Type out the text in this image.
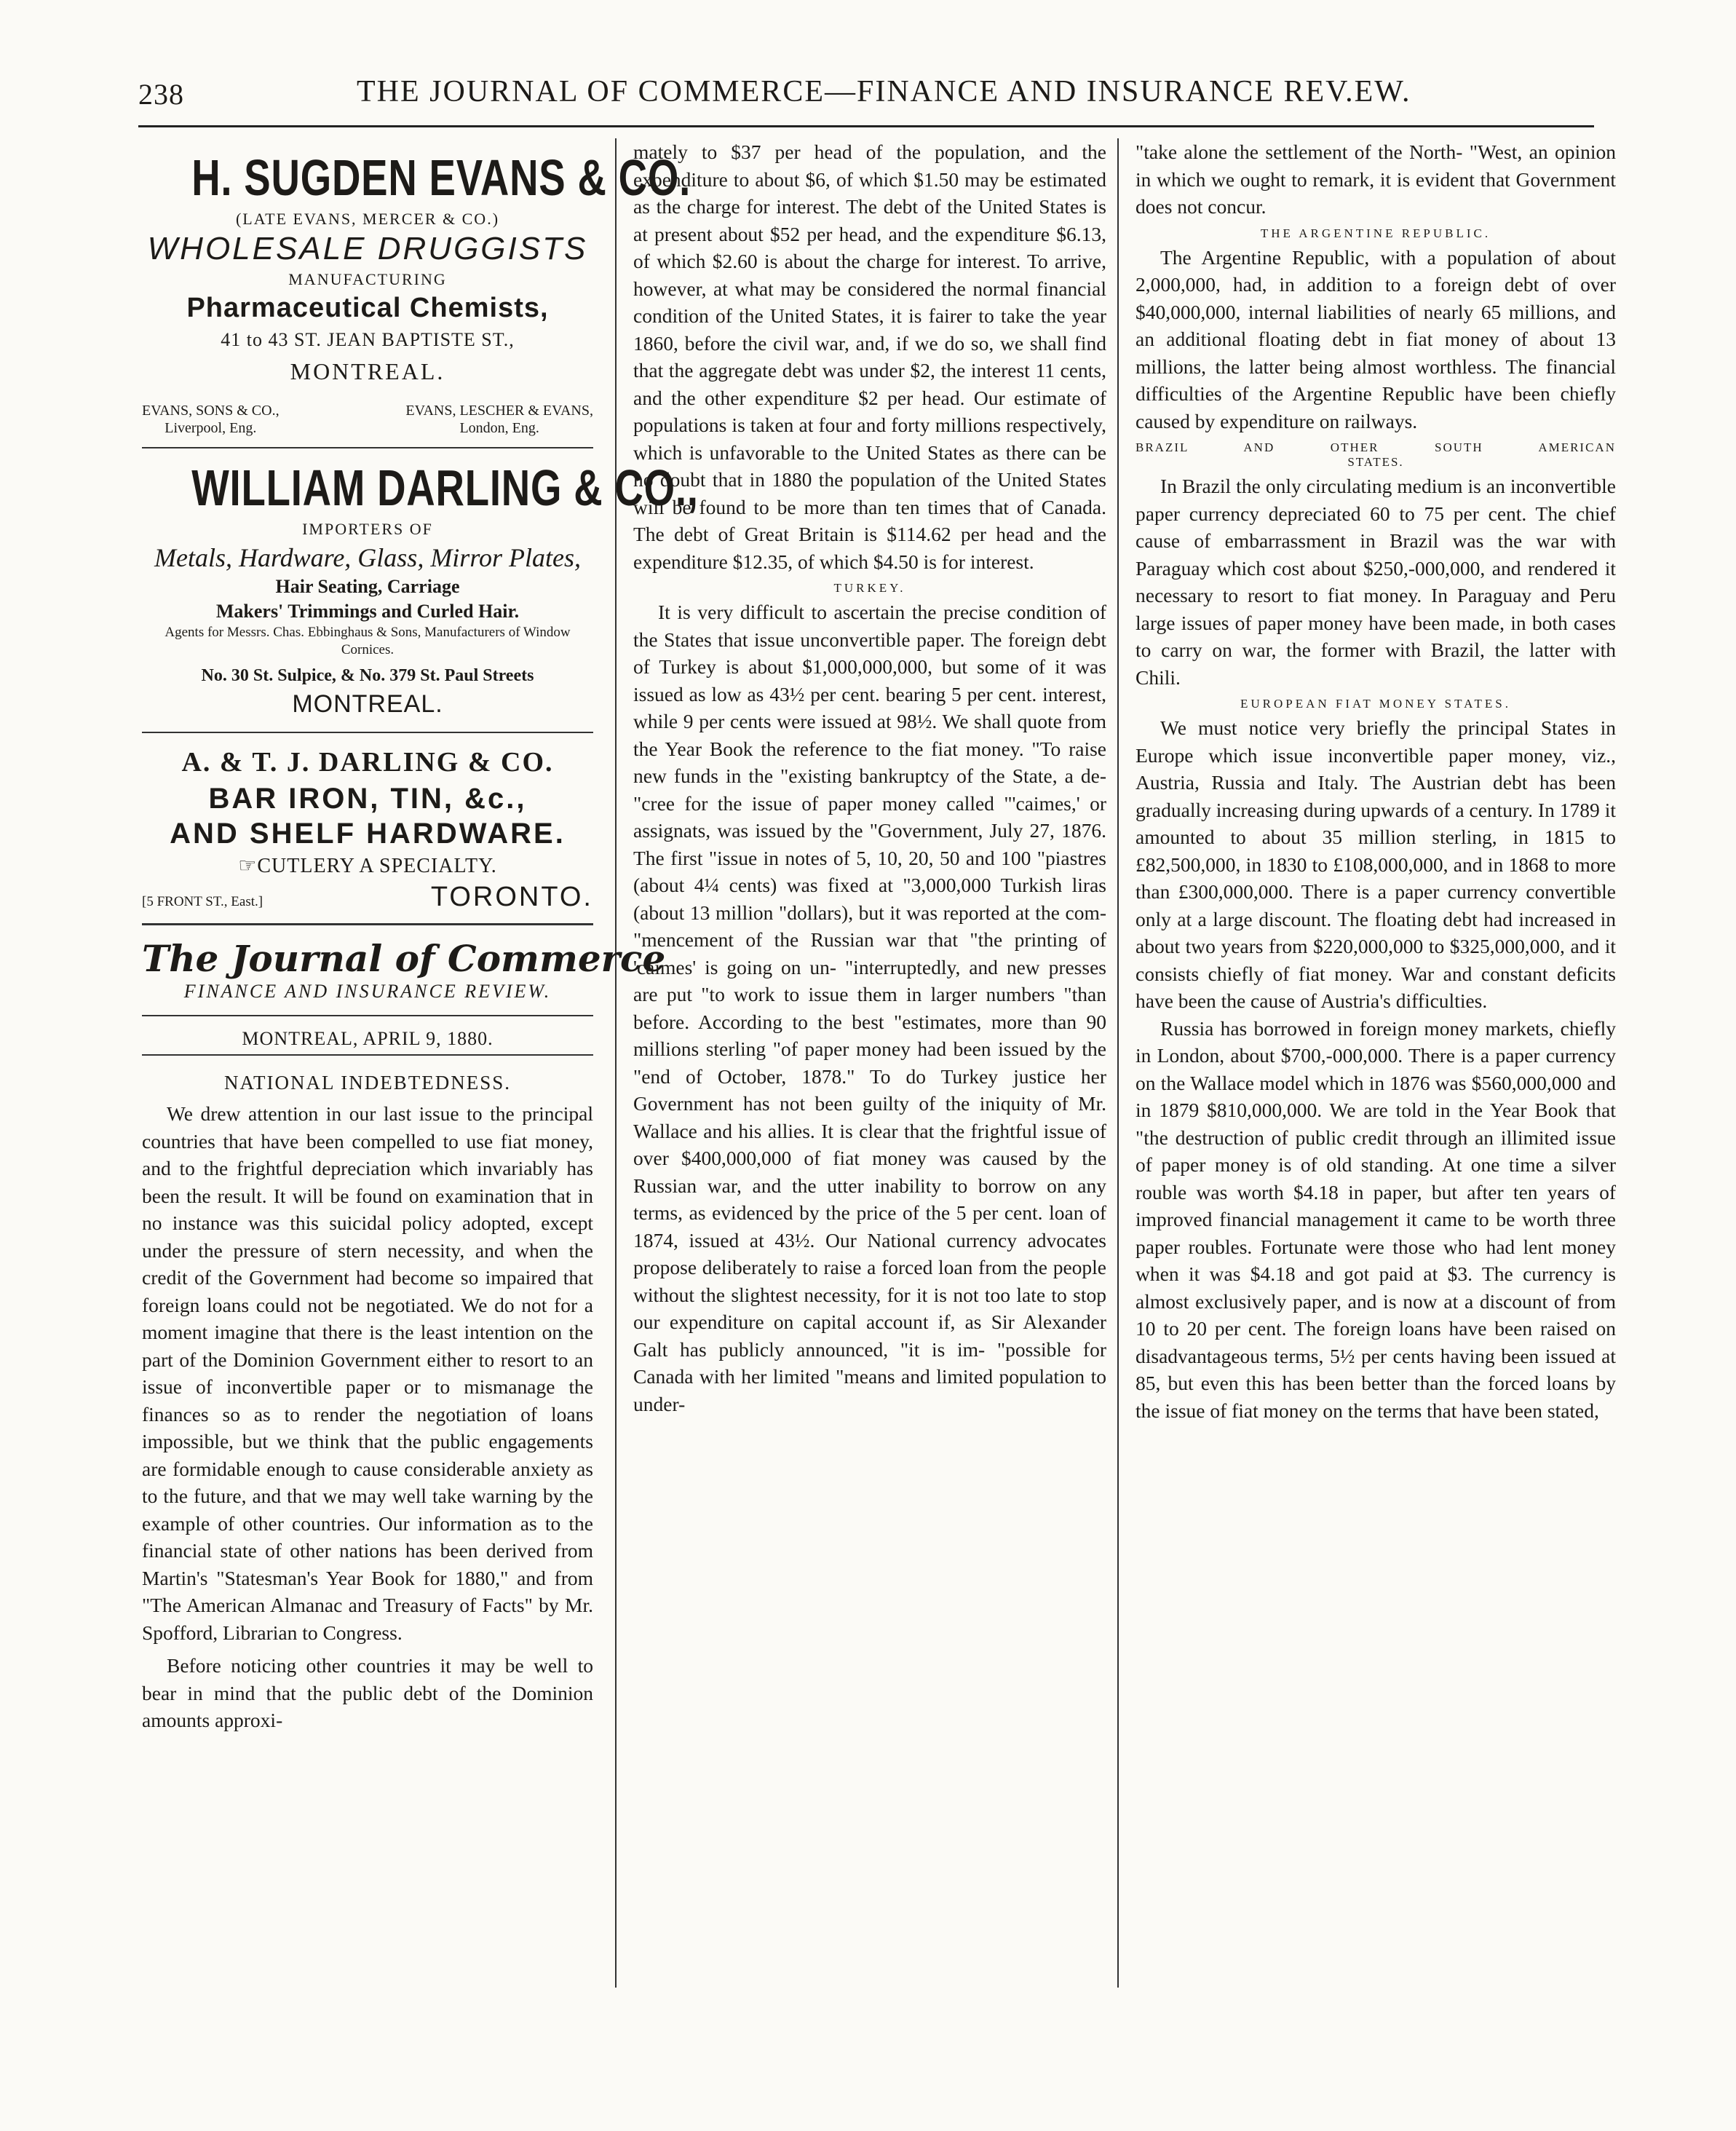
238	THE JOURNAL OF COMMERCE—FINANCE AND INSURANCE REV.EW.
H. SUGDEN EVANS & CO.
(LATE EVANS, MERCER & CO.)
WHOLESALE DRUGGISTS
MANUFACTURING
Pharmaceutical Chemists,
41 to 43 ST. JEAN BAPTISTE ST.,
MONTREAL.
EVANS, SONS & CO.,
Liverpool, Eng.
EVANS, LESCHER & EVANS,
London, Eng.
WILLIAM DARLING & CO.,
IMPORTERS OF
Metals, Hardware, Glass, Mirror Plates,
Hair Seating, Carriage
Makers' Trimmings and Curled Hair.
Agents for Messrs. Chas. Ebbinghaus & Sons, Manufacturers of Window Cornices.
No. 30 St. Sulpice, & No. 379 St. Paul Streets
MONTREAL.
A. & T. J. DARLING & CO.
BAR IRON, TIN, &c.,
AND SHELF HARDWARE.
☞CUTLERY A SPECIALTY.
[5 FRONT ST., East.]	TORONTO.
The Journal of Commerce
FINANCE AND INSURANCE REVIEW.
MONTREAL, APRIL 9, 1880.
NATIONAL INDEBTEDNESS.

We drew attention in our last issue to the principal countries that have been compelled to use fiat money, and to the frightful depreciation which invariably has been the result. It will be found on examination that in no instance was this suicidal policy adopted, except under the pressure of stern necessity, and when the credit of the Government had become so impaired that foreign loans could not be negotiated. We do not for a moment imagine that there is the least intention on the part of the Dominion Government either to resort to an issue of inconvertible paper or to mismanage the finances so as to render the negotiation of loans impossible, but we think that the public engagements are formidable enough to cause considerable anxiety as to the future, and that we may well take warning by the example of other countries. Our information as to the financial state of other nations has been derived from Martin's "Statesman's Year Book for 1880," and from "The American Almanac and Treasury of Facts" by Mr. Spofford, Librarian to Congress.

Before noticing other countries it may be well to bear in mind that the public debt of the Dominion amounts approxi-

mately to $37 per head of the population, and the expenditure to about $6, of which $1.50 may be estimated as the charge for interest. The debt of the United States is at present about $52 per head, and the expenditure $6.13, of which $2.60 is about the charge for interest. To arrive, however, at what may be considered the normal financial condition of the United States, it is fairer to take the year 1860, before the civil war, and, if we do so, we shall find that the aggregate debt was under $2, the interest 11 cents, and the other expenditure $2 per head. Our estimate of populations is taken at four and forty millions respectively, which is unfavorable to the United States as there can be no doubt that in 1880 the population of the United States will be found to be more than ten times that of Canada. The debt of Great Britain is $114.62 per head and the expenditure $12.35, of which $4.50 is for interest.

TURKEY.

It is very difficult to ascertain the precise condition of the States that issue unconvertible paper. The foreign debt of Turkey is about $1,000,000,000, but some of it was issued as low as 43½ per cent. bearing 5 per cent. interest, while 9 per cents were issued at 98½. We shall quote from the Year Book the reference to the fiat money. "To raise new funds in the "existing bankruptcy of the State, a de- "cree for the issue of paper money called "'caimes,' or assignats, was issued by the "Government, July 27, 1876. The first "issue in notes of 5, 10, 20, 50 and 100 "piastres (about 4¼ cents) was fixed at "3,000,000 Turkish liras (about 13 million "dollars), but it was reported at the com- "mencement of the Russian war that "the printing of 'caimes' is going on un- "interruptedly, and new presses are put "to work to issue them in larger numbers "than before. According to the best "estimates, more than 90 millions sterling "of paper money had been issued by the "end of October, 1878." To do Turkey justice her Government has not been guilty of the iniquity of Mr. Wallace and his allies. It is clear that the frightful issue of over $400,000,000 of fiat money was caused by the Russian war, and the utter inability to borrow on any terms, as evidenced by the price of the 5 per cent. loan of 1874, issued at 43½. Our National currency advocates propose deliberately to raise a forced loan from the people without the slightest necessity, for it is not too late to stop our expenditure on capital account if, as Sir Alexander Galt has publicly announced, "it is im- "possible for Canada with her limited "means and limited population to under-

"take alone the settlement of the North- "West, an opinion in which we ought to remark, it is evident that Government does not concur.

THE ARGENTINE REPUBLIC.

The Argentine Republic, with a population of about 2,000,000, had, in addition to a foreign debt of over $40,000,000, internal liabilities of nearly 65 millions, and an additional floating debt in fiat money of about 13 millions, the latter being almost worthless. The financial difficulties of the Argentine Republic have been chiefly caused by expenditure on railways.

BRAZIL AND OTHER SOUTH AMERICAN
STATES.

In Brazil the only circulating medium is an inconvertible paper currency depreciated 60 to 75 per cent. The chief cause of embarrassment in Brazil was the war with Paraguay which cost about $250,-000,000, and rendered it necessary to resort to fiat money. In Paraguay and Peru large issues of paper money have been made, in both cases to carry on war, the former with Brazil, the latter with Chili.

EUROPEAN FIAT MONEY STATES.

We must notice very briefly the principal States in Europe which issue inconvertible paper money, viz., Austria, Russia and Italy. The Austrian debt has been gradually increasing during upwards of a century. In 1789 it amounted to about 35 million sterling, in 1815 to £82,500,000, in 1830 to £108,000,000, and in 1868 to more than £300,000,000. There is a paper currency convertible only at a large discount. The floating debt had increased in about two years from $220,000,000 to $325,000,000, and it consists chiefly of fiat money. War and constant deficits have been the cause of Austria's difficulties.

Russia has borrowed in foreign money markets, chiefly in London, about $700,-000,000. There is a paper currency on the Wallace model which in 1876 was $560,000,000 and in 1879 $810,000,000. We are told in the Year Book that "the destruction of public credit through an illimited issue of paper money is of old standing. At one time a silver rouble was worth $4.18 in paper, but after ten years of improved financial management it came to be worth three paper roubles. Fortunate were those who had lent money when it was $4.18 and got paid at $3. The currency is almost exclusively paper, and is now at a discount of from 10 to 20 per cent. The foreign loans have been raised on disadvantageous terms, 5½ per cents having been issued at 85, but even this has been better than the forced loans by the issue of fiat money on the terms that have been stated,
